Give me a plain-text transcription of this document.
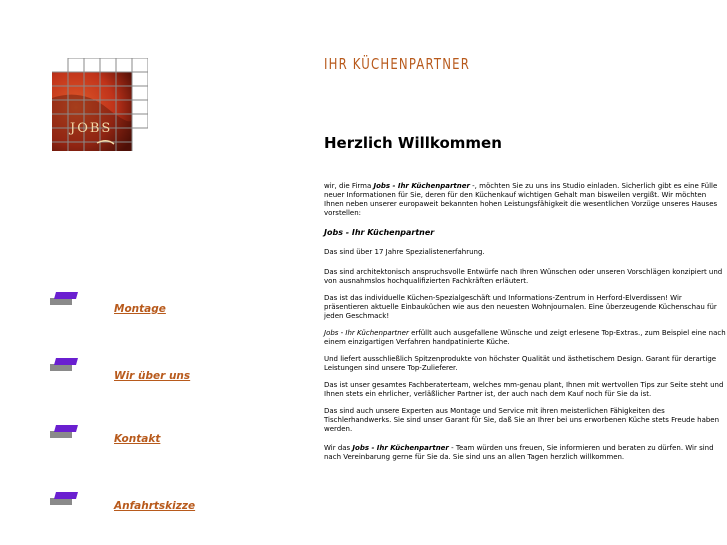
JOBS
IHR KÜCHENPARTNER
Herzlich Willkommen

wir, die Firma Jobs - Ihr Küchenpartner -, möchten Sie zu uns ins Studio einladen. Sicherlich gibt es eine Fülle neuer Informationen für Sie, deren für den Küchenkauf wichtigen Gehalt man bisweilen vergißt. Wir möchten Ihnen neben unserer europaweit bekannten hohen Leistungsfähigkeit die wesentlichen Vorzüge unseres Hauses vorstellen:

Jobs - Ihr Küchenpartner

Das sind über 17 Jahre Spezialistenerfahrung.

Das sind architektonisch anspruchsvolle Entwürfe nach Ihren Wünschen oder unseren Vorschlägen konzipiert und von ausnahmslos hochqualifizierten Fachkräften erläutert.

Das ist das individuelle Küchen-Spezialgeschäft und Informations-Zentrum in Herford-Elverdissen! Wir präsentieren aktuelle Einbauküchen wie aus den neuesten Wohnjournalen. Eine überzeugende Küchenschau für jeden Geschmack!

Jobs - Ihr Küchenpartner erfüllt auch ausgefallene Wünsche und zeigt erlesene Top-Extras., zum Beispiel eine nach einem einzigartigen Verfahren handpatinierte Küche.

Und liefert ausschließlich Spitzenprodukte von höchster Qualität und ästhetischem Design. Garant für derartige Leistungen sind unsere Top-Zulieferer.

Das ist unser gesamtes Fachberaterteam, welches mm-genau plant, Ihnen mit wertvollen Tips zur Seite steht und Ihnen stets ein ehrlicher, verläßlicher Partner ist, der auch nach dem Kauf noch für Sie da ist.

Das sind auch unsere Experten aus Montage und Service mit ihren meisterlichen Fähigkeiten des Tischlerhandwerks. Sie sind unser Garant für Sie, daß Sie an Ihrer bei uns erworbenen Küche stets Freude haben werden.

Wir das Jobs - Ihr Küchenpartner - Team würden uns freuen, Sie informieren und beraten zu dürfen. Wir sind nach Vereinbarung gerne für Sie da. Sie sind uns an allen Tagen herzlich willkommen.

Montage
Wir über uns
Kontakt
Anfahrtskizze
